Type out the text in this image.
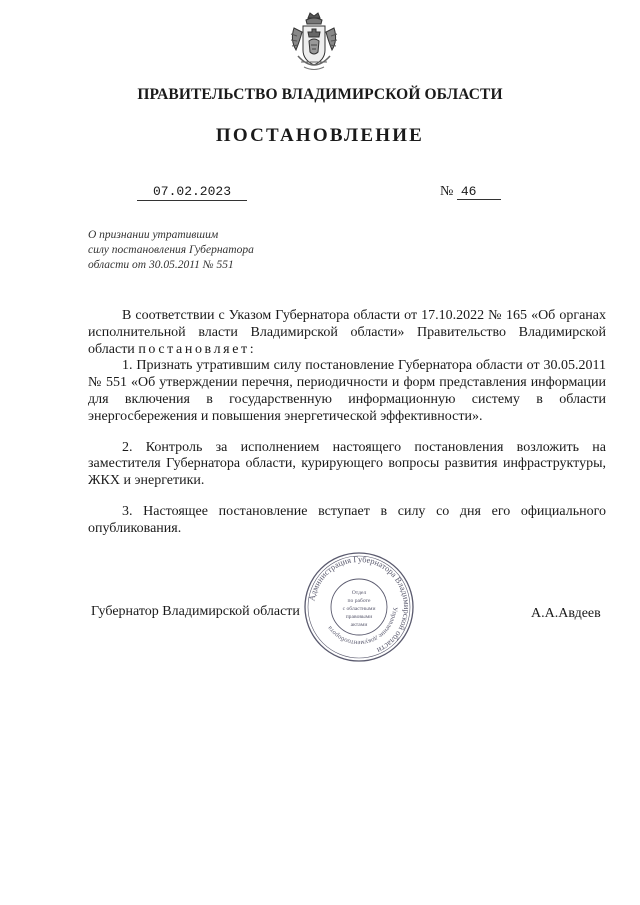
ПРАВИТЕЛЬСТВО ВЛАДИМИРСКОЙ ОБЛАСТИ
ПОСТАНОВЛЕНИЕ
07.02.2023	№ 46
О признании утратившим
силу постановления Губернатора
области от 30.05.2011 № 551

В соответствии с Указом Губернатора области от 17.10.2022 № 165 «Об органах исполнительной власти Владимирской области» Правительство Владимирской области постановляет:

1. Признать утратившим силу постановление Губернатора области от 30.05.2011 № 551 «Об утверждении перечня, периодичности и форм представления информации для включения в государственную информационную систему в области энергосбережения и повышения энергетической эффективности».

2. Контроль за исполнением настоящего постановления возложить на заместителя Губернатора области, курирующего вопросы развития инфраструктуры, ЖКХ и энергетики.

3. Настоящее постановление вступает в силу со дня его официального опубликования.

Губернатор Владимирской области	А.А.Авдеев
Администрация Губернатора Владимирской области
Управление документооборота
Отдел
по работе
с областными
правовыми
актами
